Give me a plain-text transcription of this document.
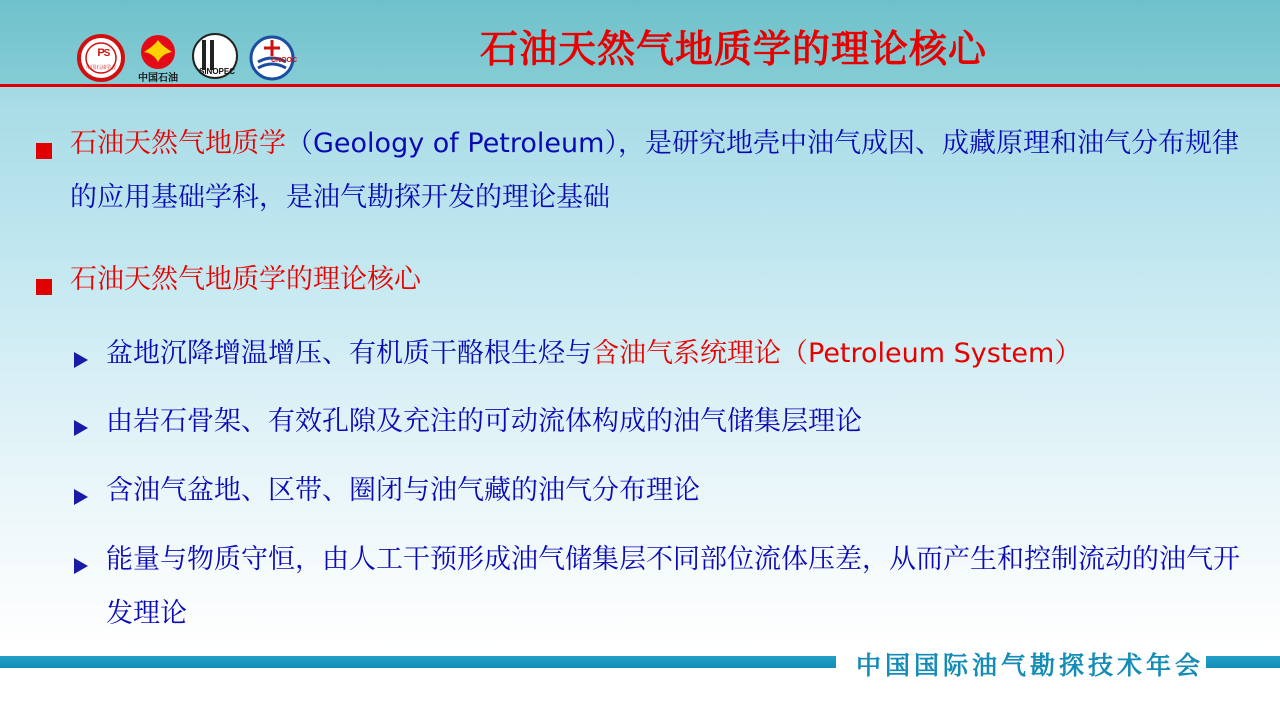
P
S
中国石油学会
中国石油
SINOPEC
CNOOC	石油天然气地质学的理论核心
石油天然气地质学（Geology of Petroleum），是研究地壳中油气成因、成藏原理和油气分布规律的应用基础学科，是油气勘探开发的理论基础
石油天然气地质学的理论核心
盆地沉降增温增压、有机质干酪根生烃与含油气系统理论（Petroleum System）
由岩石骨架、有效孔隙及充注的可动流体构成的油气储集层理论
含油气盆地、区带、圈闭与油气藏的油气分布理论
能量与物质守恒，由人工干预形成油气储集层不同部位流体压差，从而产生和控制流动的油气开发理论
中国国际油气勘探技术年会
